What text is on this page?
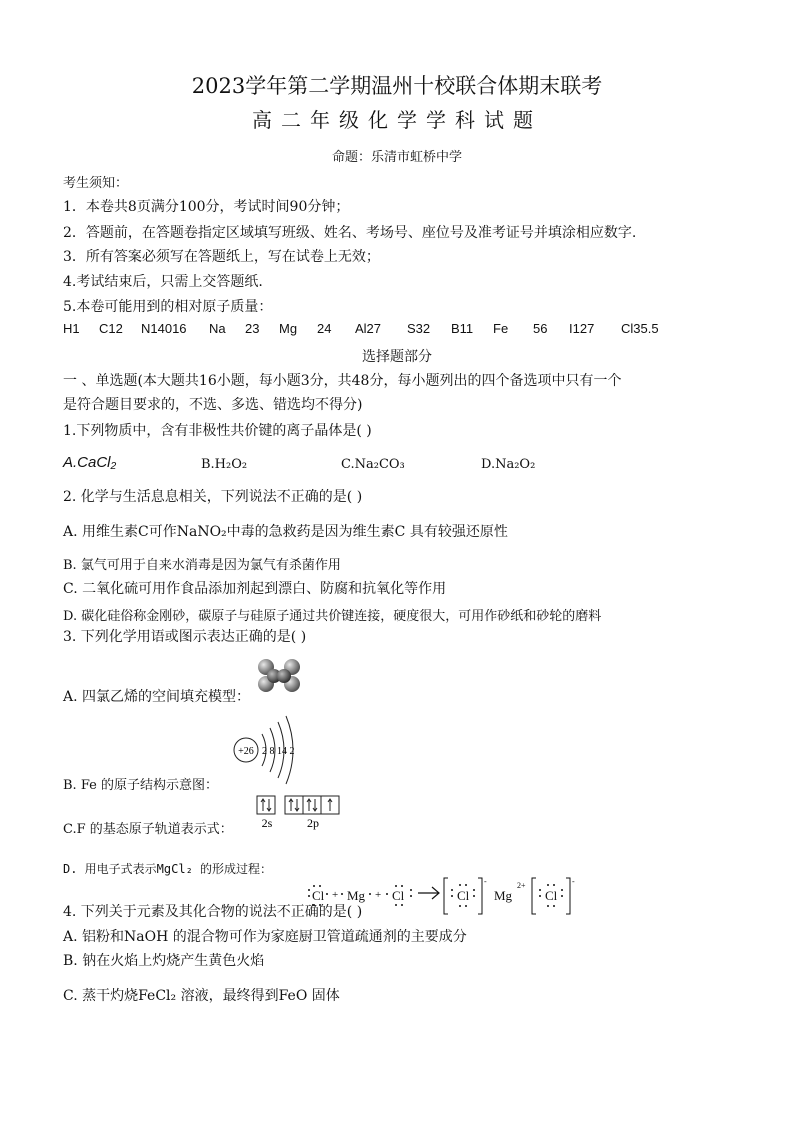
2023学年第二学期温州十校联合体期末联考
高二年级化学学科试题
命题：乐清市虹桥中学
考生须知：
1．本卷共8页满分100分，考试时间90分钟；
2．答题前，在答题卷指定区域填写班级、姓名、考场号、座位号及准考证号并填涂相应数字.
3．所有答案必须写在答题纸上，写在试卷上无效；
4.考试结束后，只需上交答题纸.
5.本卷可能用到的相对原子质量：
H1 C12 N14016 Na 23 Mg 24 Al27 S32 B11 Fe 56 I127 Cl35.5
选择题部分
一 、单选题(本大题共16小题，每小题3分，共48分，每小题列出的四个备选项中只有一个
是符合题目要求的，不选、多选、错选均不得分)
1.下列物质中，含有非极性共价键的离子晶体是( )
A.CaCl₂	B.H₂O₂	C.Na₂CO₃	D.Na₂O₂
2. 化学与生活息息相关，下列说法不正确的是( )
A. 用维生素C可作NaNO₂中毒的急救药是因为维生素C 具有较强还原性
B. 氯气可用于自来水消毒是因为氯气有杀菌作用
C. 二氧化硫可用作食品添加剂起到漂白、防腐和抗氧化等作用
D. 碳化硅俗称金刚砂，碳原子与硅原子通过共价键连接，硬度很大，可用作砂纸和砂轮的磨料
3. 下列化学用语或图示表达正确的是( )
A. 四氯乙烯的空间填充模型：
B. Fe 的原子结构示意图：
+26 2 8 14 2
C.F 的基态原子轨道表示式： 2s	2p
D. 用电子式表示MgCl₂ 的形成过程：
Cl + Mg + Cl	Cl
-
Mg
2+
Cl
-
4. 下列关于元素及其化合物的说法不正确的是( )
A. 铝粉和NaOH 的混合物可作为家庭厨卫管道疏通剂的主要成分
B. 钠在火焰上灼烧产生黄色火焰
C. 蒸干灼烧FeCl₂ 溶液，最终得到FeO 固体
